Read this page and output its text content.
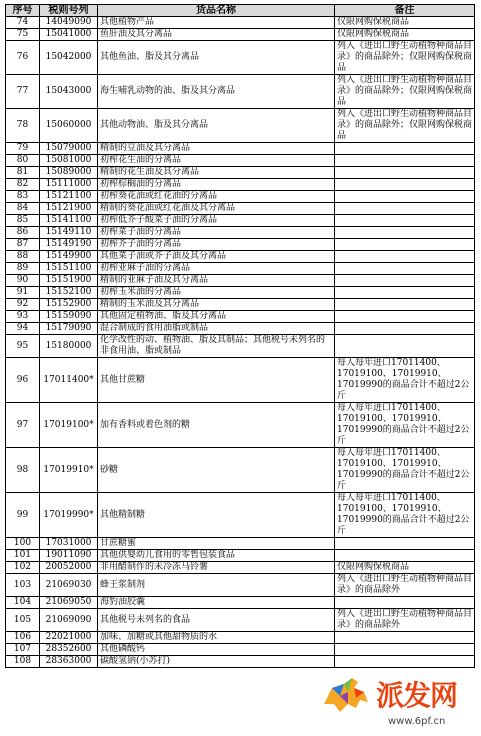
序号	税则号列	货品名称	备注
74	14049090	其他植物产品	仅限网购保税商品
75	15041000	鱼肝油及其分离品	仅限网购保税商品
76	15042000	其他鱼油、脂及其分离品	列入《进出口野生动植物种商品目录》的商品除外；仅限网购保税商品
77	15043000	海生哺乳动物的油、脂及其分离品	列入《进出口野生动植物种商品目录》的商品除外；仅限网购保税商品
78	15060000	其他动物油、脂及其分离品	列入《进出口野生动植物种商品目录》的商品除外；仅限网购保税商品
79	15079000	精制的豆油及其分离品	
80	15081000	初榨花生油的分离品	
81	15089000	精制的花生油及其分离品	
82	15111000	初榨棕榈油的分离品	
83	15121100	初榨葵花油或红花油的分离品	
84	15121900	精制的葵花油或红花油及其分离品	
85	15141100	初榨低芥子酸菜子油的分离品	
86	15149110	初榨菜子油的分离品	
87	15149190	初榨芥子油的分离品	
88	15149900	其他菜子油或芥子油及其分离品	
89	15151100	初榨亚麻子油的分离品	
90	15151900	精制的亚麻子油及其分离品	
91	15152100	初榨玉米油的分离品	
92	15152900	精制的玉米油及其分离品	
93	15159090	其他固定植物油、脂及其分离品	
94	15179090	混合制成的食用油脂或制品	
95	15180000	化学改性的动、植物油、脂及其制品；其他税号未列名的非食用油、脂或制品	
96	17011400*	其他甘蔗糖	每人每年进口17011400、17019100、17019910、17019990的商品合计不超过2公斤
97	17019100*	加有香料或着色剂的糖	每人每年进口17011400、17019100、17019910、17019990的商品合计不超过2公斤
98	17019910*	砂糖	每人每年进口17011400、17019100、17019910、17019990的商品合计不超过2公斤
99	17019990*	其他精制糖	每人每年进口17011400、17019100、17019910、17019990的商品合计不超过2公斤
100	17031000	甘蔗糖蜜	
101	19011090	其他供婴幼儿食用的零售包装食品	
102	20052000	非用醋制作的未冷冻马铃薯	仅限网购保税商品
103	21069030	蜂王浆制剂	列入《进出口野生动植物种商品目录》的商品除外
104	21069050	海豹油胶囊	
105	21069090	其他税号未列名的食品	列入《进出口野生动植物种商品目录》的商品除外
106	22021000	加味、加糖或其他甜物质的水	
107	28352600	其他磷酸钙	
108	28363000	碳酸氢钠(小苏打)	
派发网
www.6pf.cn
